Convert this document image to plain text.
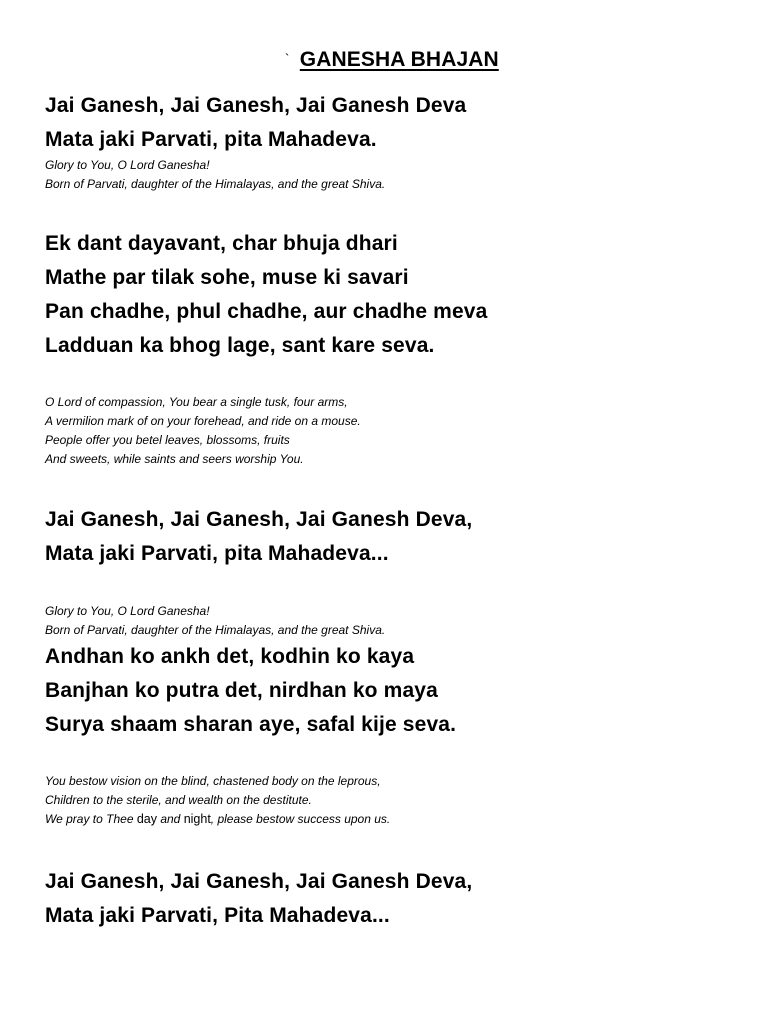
` GANESHA BHAJAN
Jai Ganesh, Jai Ganesh, Jai Ganesh Deva
Mata jaki Parvati, pita Mahadeva.
Glory to You, O Lord Ganesha!
Born of Parvati, daughter of the Himalayas, and the great Shiva.
Ek dant dayavant, char bhuja dhari
Mathe par tilak sohe, muse ki savari
Pan chadhe, phul chadhe, aur chadhe meva
Ladduan ka bhog lage, sant kare seva.
O Lord of compassion, You bear a single tusk, four arms,
A vermilion mark of on your forehead, and ride on a mouse.
People offer you betel leaves, blossoms, fruits
And sweets, while saints and seers worship You.
Jai Ganesh, Jai Ganesh, Jai Ganesh Deva,
Mata jaki Parvati, pita Mahadeva...
Glory to You, O Lord Ganesha!
Born of Parvati, daughter of the Himalayas, and the great Shiva.
Andhan ko ankh det, kodhin ko kaya
Banjhan ko putra det, nirdhan ko maya
Surya shaam sharan aye, safal kije seva.
You bestow vision on the blind, chastened body on the leprous,
Children to the sterile, and wealth on the destitute.
We pray to Thee day and night, please bestow success upon us.
Jai Ganesh, Jai Ganesh, Jai Ganesh Deva,
Mata jaki Parvati, Pita Mahadeva...
